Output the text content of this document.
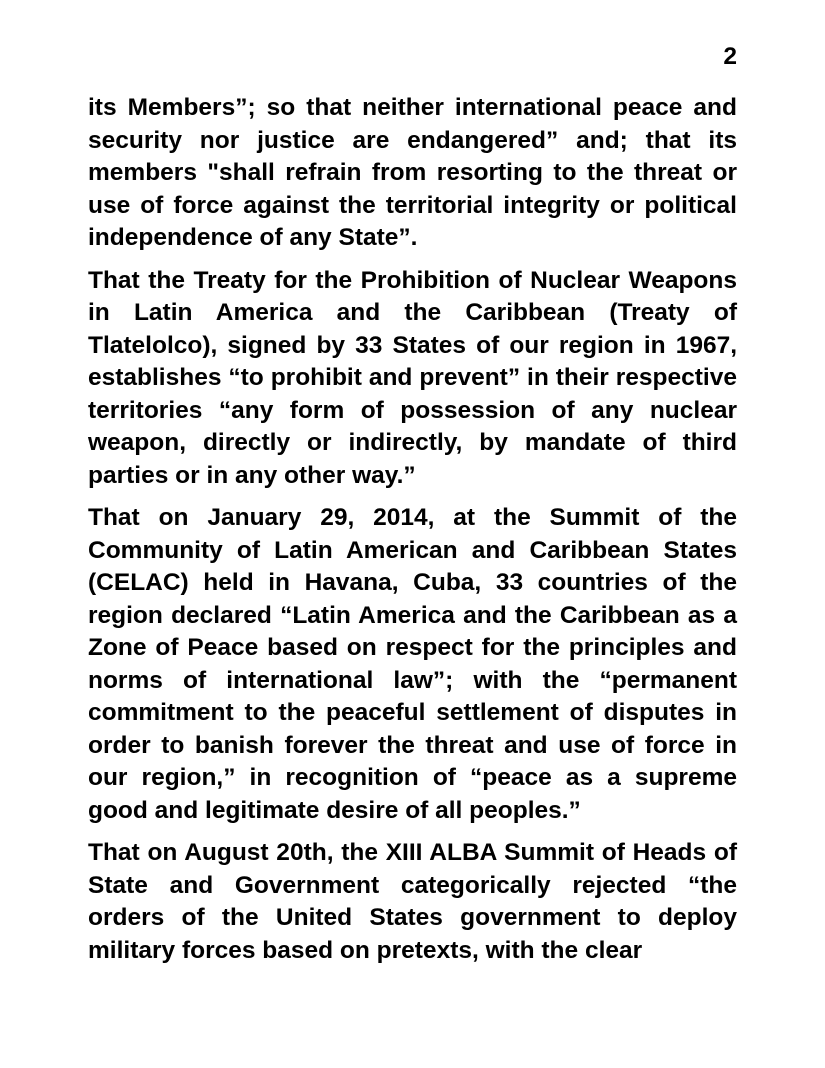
2

its Members”; so that neither international peace and
security nor justice are endangered” and; that its
members "shall refrain from resorting to the threat or
use of force against the territorial integrity or political
independence of any State”.

That the Treaty for the Prohibition of Nuclear Weapons
in Latin America and the Caribbean (Treaty of
Tlatelolco), signed by 33 States of our region in 1967,
establishes “to prohibit and prevent” in their respective
territories “any form of possession of any nuclear
weapon, directly or indirectly, by mandate of third
parties or in any other way.”

That on January 29, 2014, at the Summit of the
Community of Latin American and Caribbean States
(CELAC) held in Havana, Cuba, 33 countries of the
region declared “Latin America and the Caribbean as a
Zone of Peace based on respect for the principles and
norms of international law”; with the “permanent
commitment to the peaceful settlement of disputes in
order to banish forever the threat and use of force in
our region,” in recognition of “peace as a supreme
good and legitimate desire of all peoples.”

That on August 20th, the XIII ALBA Summit of Heads of
State and Government categorically rejected “the
orders of the United States government to deploy
military forces based on pretexts, with the clear
